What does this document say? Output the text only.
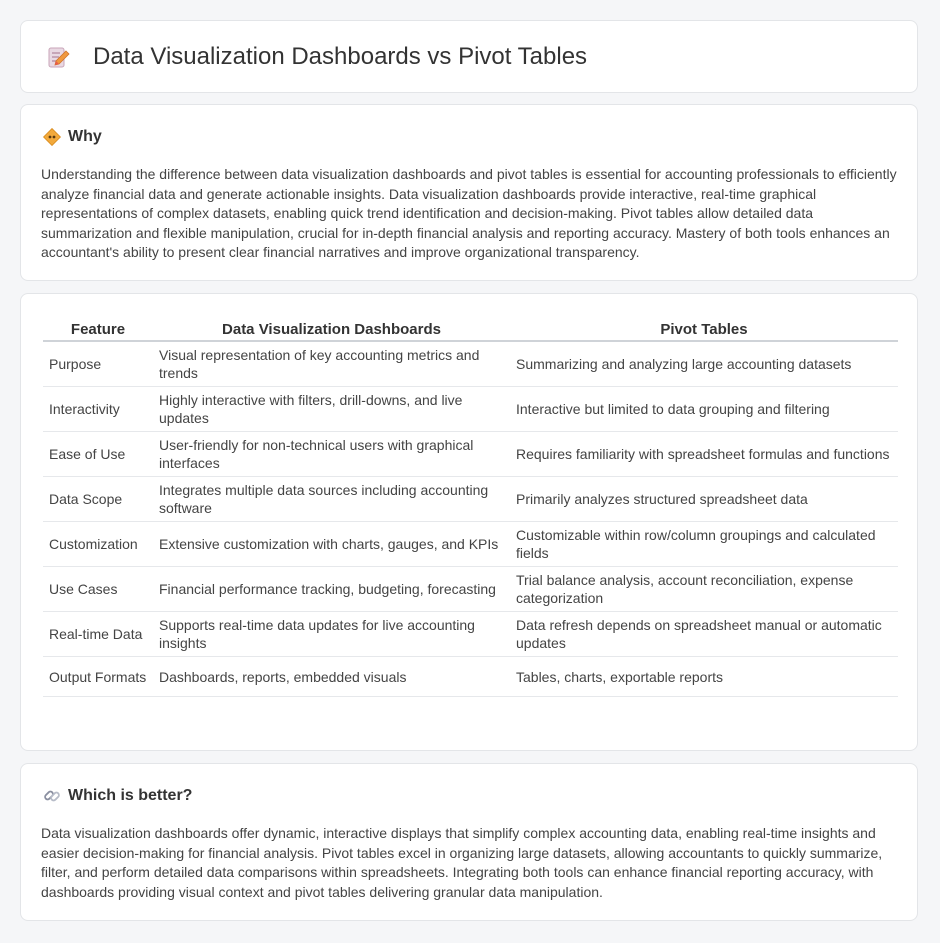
Data Visualization Dashboards vs Pivot Tables
Why

Understanding the difference between data visualization dashboards and pivot tables is essential for accounting professionals to efficiently analyze financial data and generate actionable insights. Data visualization dashboards provide interactive, real-time graphical representations of complex datasets, enabling quick trend identification and decision-making. Pivot tables allow detailed data summarization and flexible manipulation, crucial for in-depth financial analysis and reporting accuracy. Mastery of both tools enhances an accountant's ability to present clear financial narratives and improve organizational transparency.

Feature	Data Visualization Dashboards	Pivot Tables
Purpose	Visual representation of key accounting metrics and trends	Summarizing and analyzing large accounting datasets
Interactivity	Highly interactive with filters, drill-downs, and live updates	Interactive but limited to data grouping and filtering
Ease of Use	User-friendly for non-technical users with graphical interfaces	Requires familiarity with spreadsheet formulas and functions
Data Scope	Integrates multiple data sources including accounting software	Primarily analyzes structured spreadsheet data
Customization	Extensive customization with charts, gauges, and KPIs	Customizable within row/column groupings and calculated fields
Use Cases	Financial performance tracking, budgeting, forecasting	Trial balance analysis, account reconciliation, expense categorization
Real-time Data	Supports real-time data updates for live accounting insights	Data refresh depends on spreadsheet manual or automatic updates
Output Formats	Dashboards, reports, embedded visuals	Tables, charts, exportable reports
Which is better?

Data visualization dashboards offer dynamic, interactive displays that simplify complex accounting data, enabling real-time insights and easier decision-making for financial analysis. Pivot tables excel in organizing large datasets, allowing accountants to quickly summarize, filter, and perform detailed data comparisons within spreadsheets. Integrating both tools can enhance financial reporting accuracy, with dashboards providing visual context and pivot tables delivering granular data manipulation.
